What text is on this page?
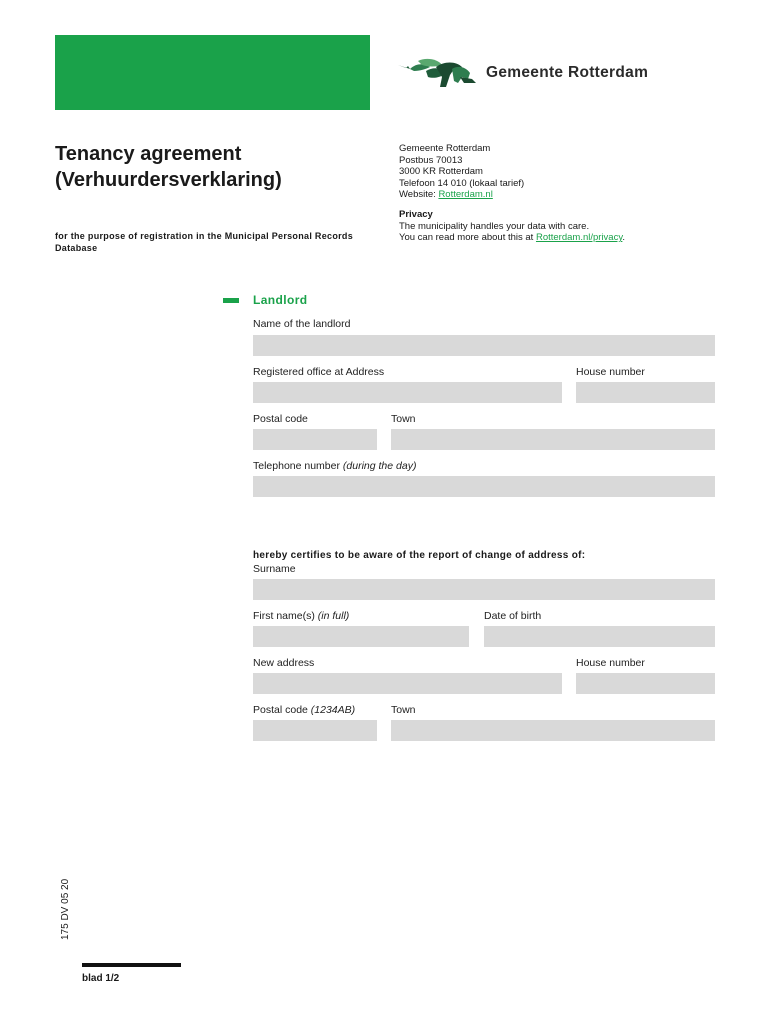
Gemeente Rotterdam
Tenancy agreement
(Verhuurdersverklaring)
for the purpose of registration in the Municipal Personal Records Database
Gemeente Rotterdam
Postbus 70013
3000 KR Rotterdam
Telefoon 14 010 (lokaal tarief)
Website: Rotterdam.nl
Privacy
The municipality handles your data with care.
You can read more about this at Rotterdam.nl/privacy.
Landlord
Name of the landlord
Registered office at Address	House number
Postal code	Town
Telephone number (during the day)
hereby certifies to be aware of the report of change of address of:
Surname
First name(s) (in full)	Date of birth
New address	House number
Postal code (1234AB)	Town
175 DV 05 20
blad 1/2
